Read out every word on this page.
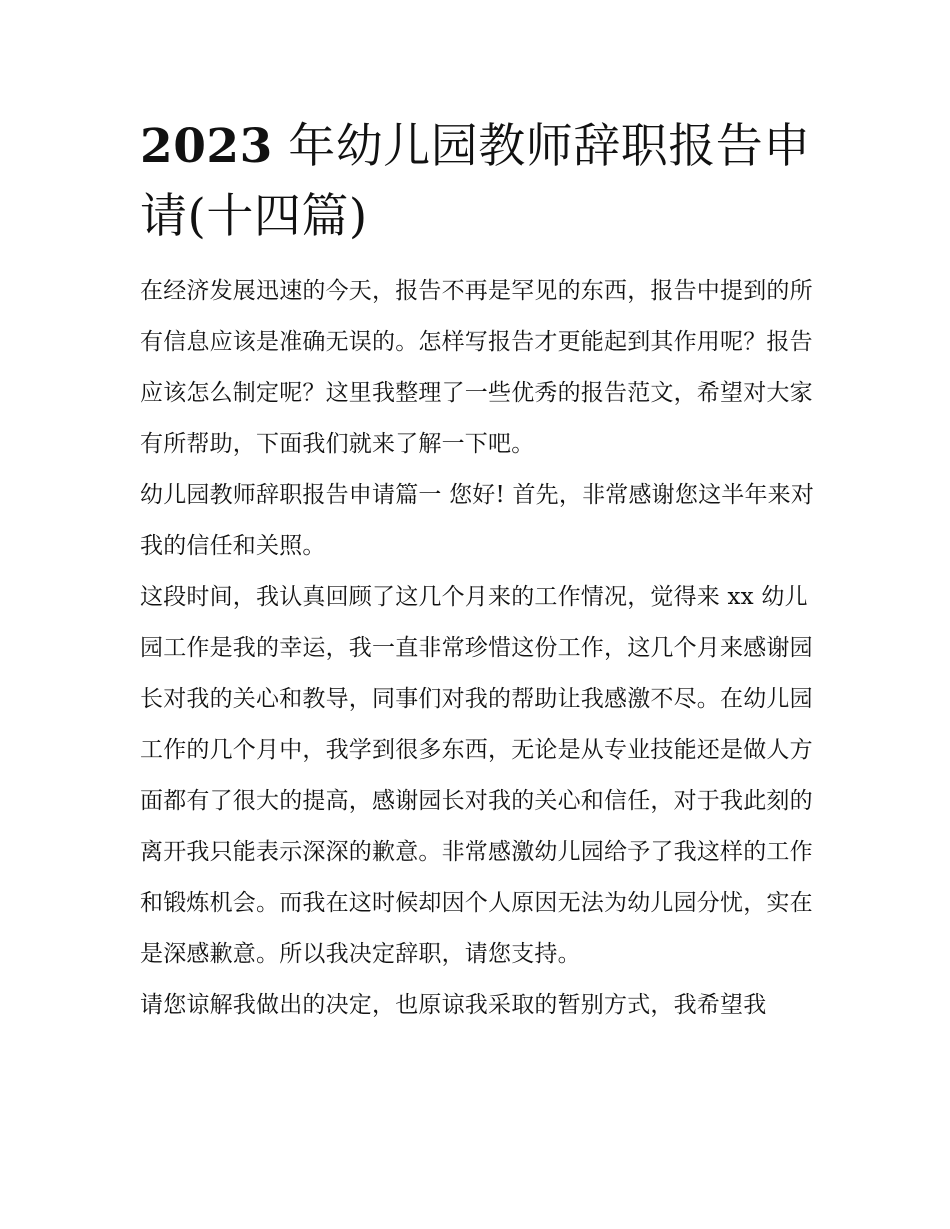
2023 年幼儿园教师辞职报告申请(十四篇)

在经济发展迅速的今天，报告不再是罕见的东西，报告中提到的所有信息应该是准确无误的。怎样写报告才更能起到其作用呢？报告应该怎么制定呢？这里我整理了一些优秀的报告范文，希望对大家有所帮助，下面我们就来了解一下吧。

幼儿园教师辞职报告申请篇一 您好! 首先，非常感谢您这半年来对我的信任和关照。

这段时间，我认真回顾了这几个月来的工作情况，觉得来 xx 幼儿园工作是我的幸运，我一直非常珍惜这份工作，这几个月来感谢园长对我的关心和教导，同事们对我的帮助让我感激不尽。在幼儿园工作的几个月中，我学到很多东西，无论是从专业技能还是做人方面都有了很大的提高，感谢园长对我的关心和信任，对于我此刻的离开我只能表示深深的歉意。非常感激幼儿园给予了我这样的工作和锻炼机会。而我在这时候却因个人原因无法为幼儿园分忧，实在是深感歉意。所以我决定辞职，请您支持。

请您谅解我做出的决定，也原谅我采取的暂别方式，我希望我
